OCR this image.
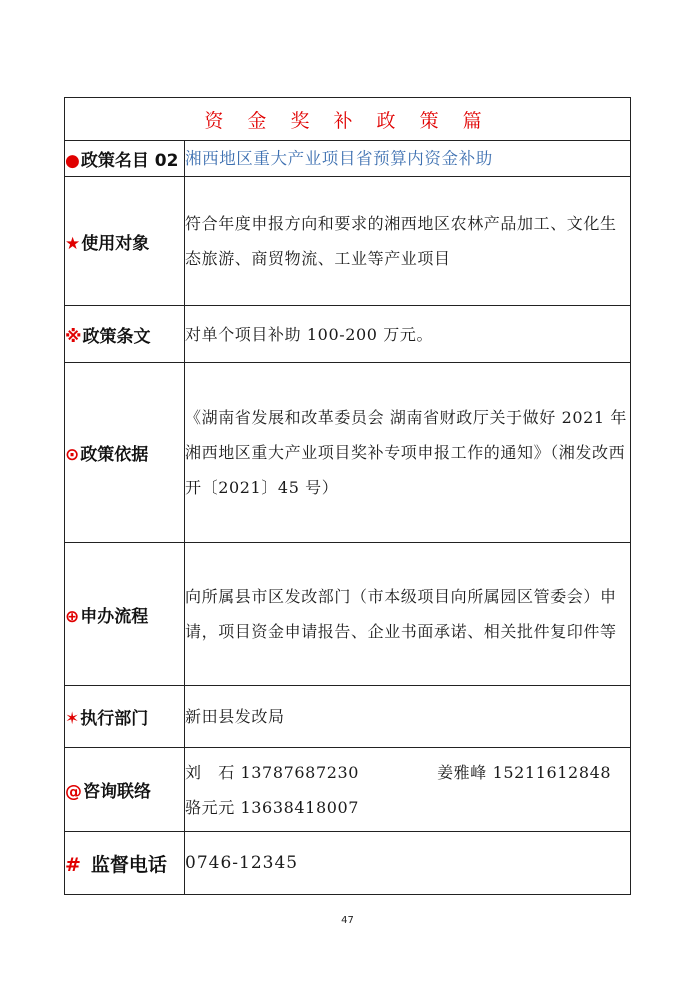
资 金 奖 补 政 策 篇	
●政策名目 02	湘西地区重大产业项目省预算内资金补助
★使用对象	符合年度申报方向和要求的湘西地区农林产品加工、文化生态旅游、商贸物流、工业等产业项目
※政策条文	对单个项目补助 100-200 万元。
⊙政策依据	《湖南省发展和改革委员会 湖南省财政厅关于做好 2021 年湘西地区重大产业项目奖补专项申报工作的通知》（湘发改西开〔2021〕45 号）
⊕申办流程	向所属县市区发改部门（市本级项目向所属园区管委会）申请，项目资金申请报告、企业书面承诺、相关批件复印件等
✶执行部门	新田县发改局
@咨询联络	刘　石 13787687230 姜雅峰 15211612848
骆元元 13638418007

# 监督电话	0746-12345
47
